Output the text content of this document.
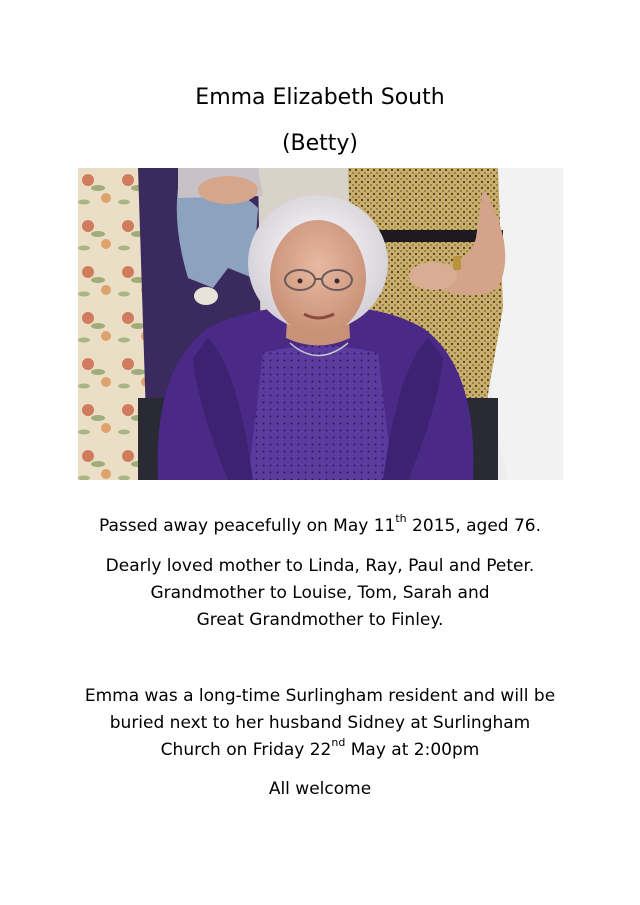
Emma Elizabeth South
(Betty)
Passed away peacefully on May 11th 2015, aged 76.
Dearly loved mother to Linda, Ray, Paul and Peter.
Grandmother to Louise, Tom, Sarah and
Great Grandmother to Finley.
Emma was a long-time Surlingham resident and will be
buried next to her husband Sidney at Surlingham
Church on Friday 22nd May at 2:00pm
All welcome
